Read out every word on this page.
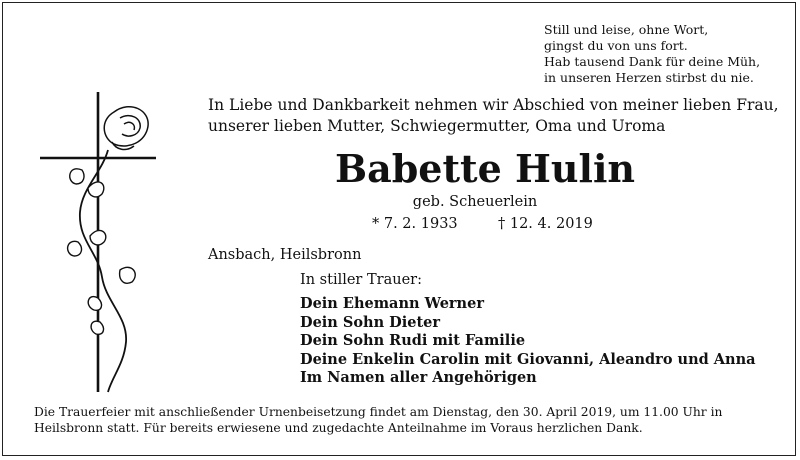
Still und leise, ohne Wort,
gingst du von uns fort.
Hab tausend Dank für deine Müh,
in unseren Herzen stirbst du nie.
In Liebe und Dankbarkeit nehmen wir Abschied von meiner lieben Frau,
unserer lieben Mutter, Schwiegermutter, Oma und Uroma
Babette Hulin
geb. Scheuerlein
* 7. 2. 1933	† 12. 4. 2019
Ansbach, Heilsbronn
In stiller Trauer:
Dein Ehemann Werner
Dein Sohn Dieter
Dein Sohn Rudi mit Familie
Deine Enkelin Carolin mit Giovanni, Aleandro und Anna
Im Namen aller Angehörigen
Die Trauerfeier mit anschließender Urnenbeisetzung findet am Dienstag, den 30. April 2019, um 11.00 Uhr in
Heilsbronn statt. Für bereits erwiesene und zugedachte Anteilnahme im Voraus herzlichen Dank.
